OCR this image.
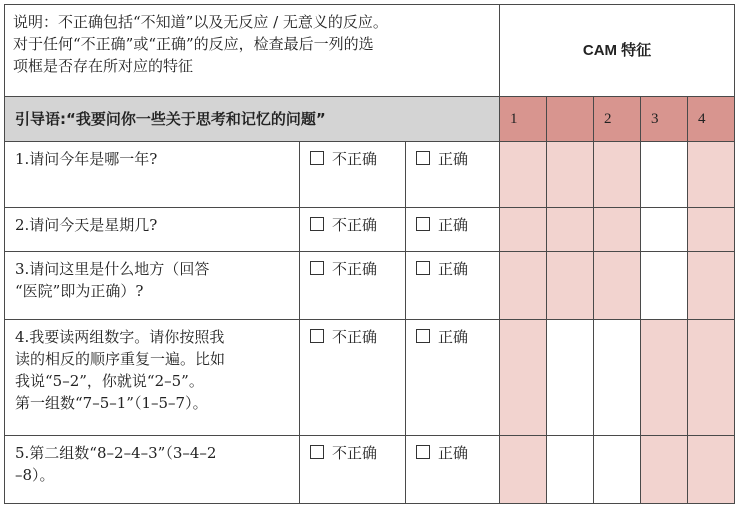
说明：不正确包括“不知道”以及无反应 / 无意义的反应。
对于任何“不正确”或“正确”的反应，检查最后一列的选
项框是否存在所对应的特征			CAM 特征				
引导语:“我要问你一些关于思考和记忆的问题”			1		2	3	4

1.请问今年是哪一年?	不正确	正确					

2.请问今天是星期几?	不正确	正确					

3.请问这里是什么地方（回答
“医院”即为正确）?	不正确	正确					

4.我要读两组数字。请你按照我
读的相反的顺序重复一遍。比如
我说“5–2”，你就说“2–5”。
第一组数“7–5–1”（1–5–7）。	不正确	正确					

5.第二组数“8–2–4–3”（3–4–2
–8）。	不正确	正确					
